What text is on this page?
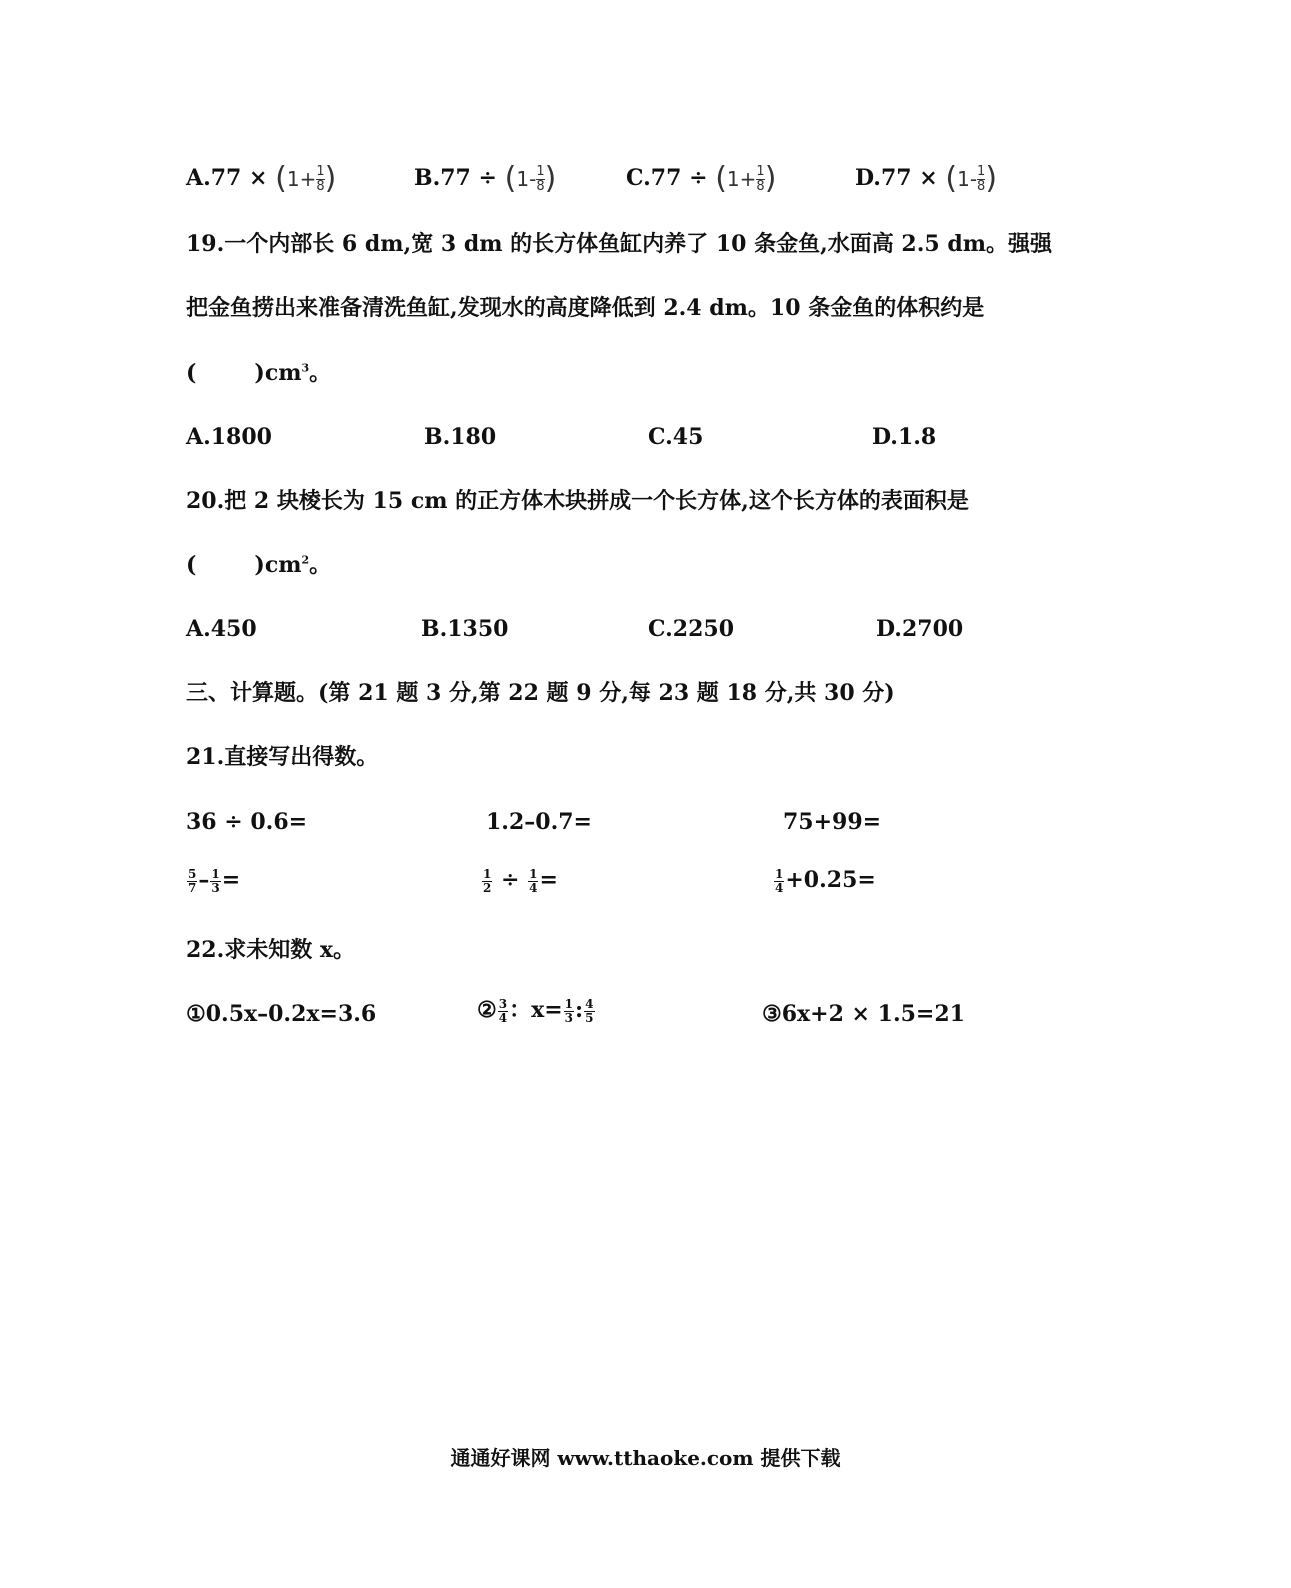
$A.77 \times (1+ \frac{1}{8})$	$B.77 \div (1- \frac{1}{8})$	$C.77 \div (1+ \frac{1}{8})$	$D.77 \times (1- \frac{1}{8})$
19.一个内部长 6 dm,宽 3 dm 的长方体鱼缸内养了 10 条金鱼,水面高 2.5 dm。强强
把金鱼捞出来准备清洗鱼缸,发现水的高度降低到 2.4 dm。10 条金鱼的体积约是
(	)$cm^3$。
A.1800	B.180	C.45	D.1.8
20.把 2 块棱长为 15 cm 的正方体木块拼成一个长方体,这个长方体的表面积是
(	)$cm^2$。
A.450	B.1350	C.2250	D.2700
三、计算题。(第 21 题 3 分,第 22 题 9 分,每 23 题 18 分,共 30 分)
21.直接写出得数。
36 ÷ 0.6=	1.2–0.7=	75+99=
$\frac{5}{7} - \frac{1}{3}$ =	$\frac{1}{2} \div \frac{1}{4}$ =	$\frac{1}{4} +0.25=$
22.求未知数 x。
①0.5x–0.2x=3.6	② $\frac{3}{4}$ ：$x= \frac{1}{3}$ : $\frac{4}{5}$	③6x+2 × 1.5=21
通通好课网 www.tthaoke.com 提供下载
